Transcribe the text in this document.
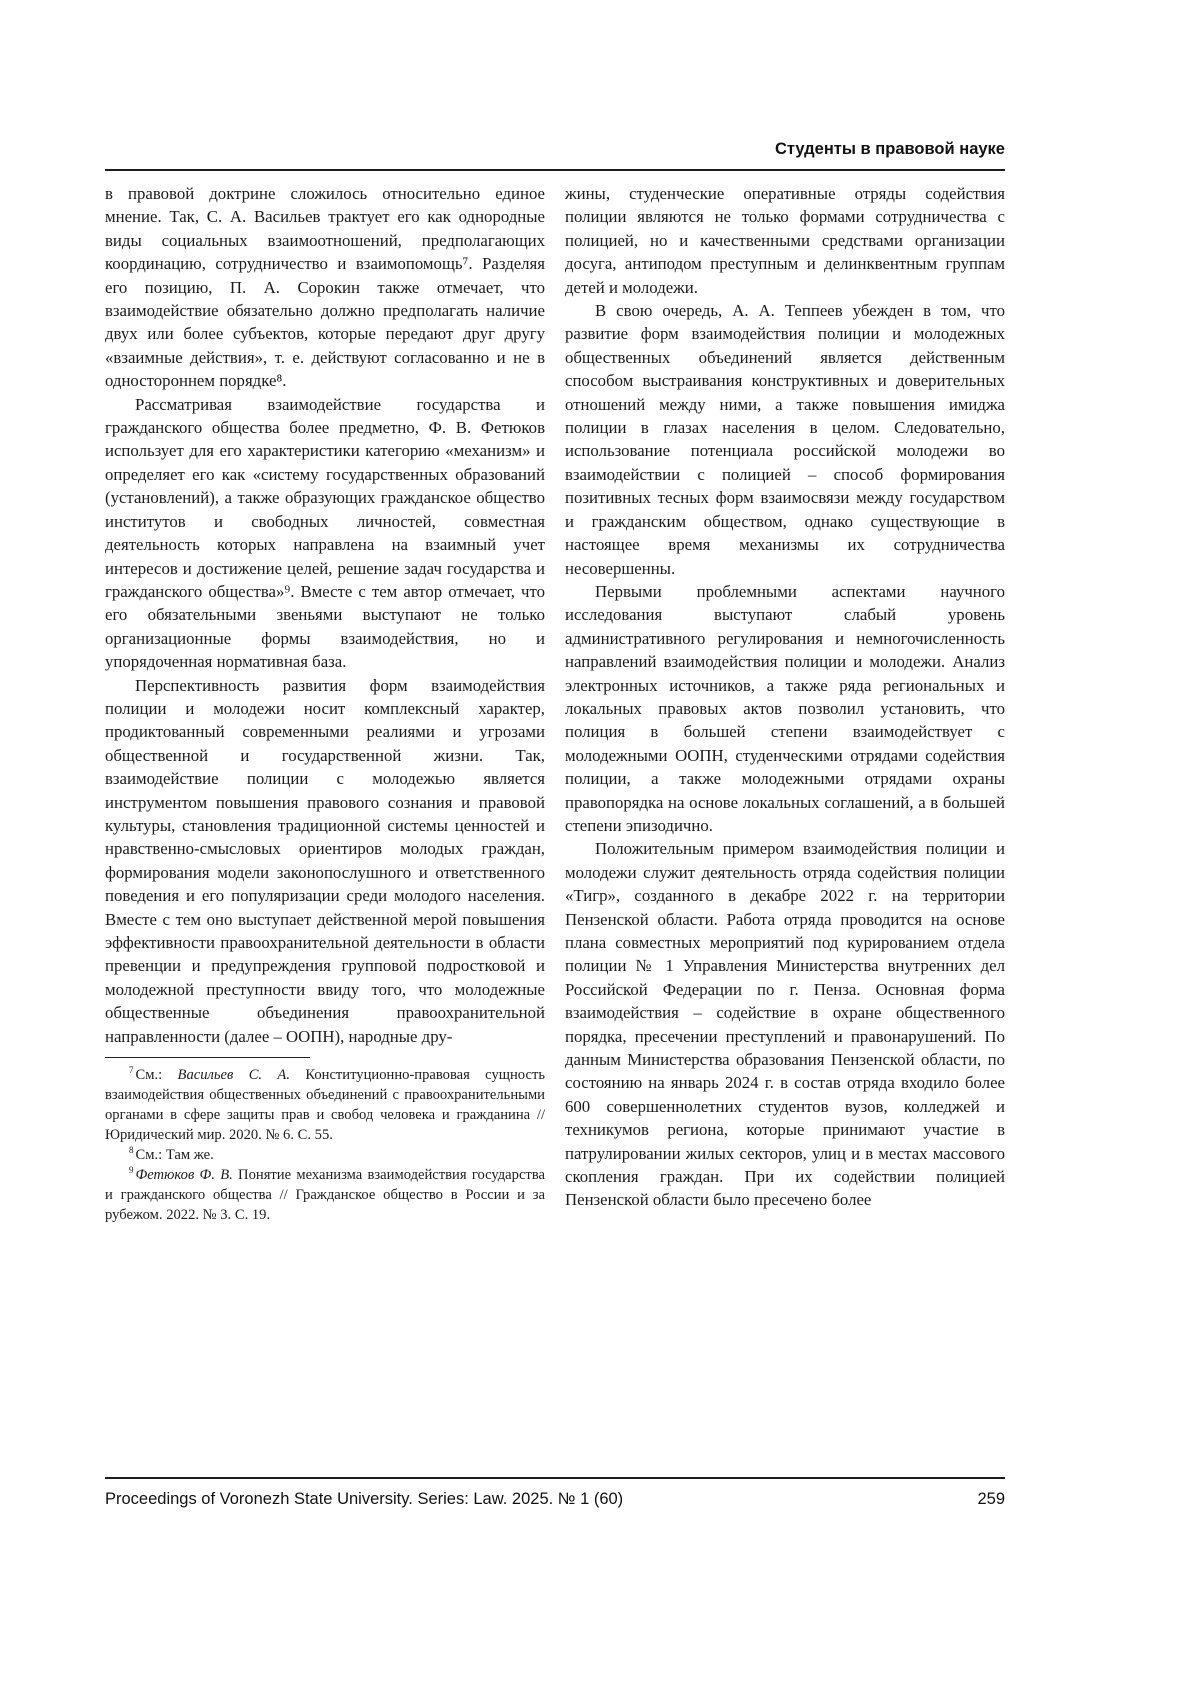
Студенты в правовой науке

в правовой доктрине сложилось относительно единое мнение. Так, С. А. Васильев трактует его как однородные виды социальных взаимоотношений, предполагающих координацию, сотрудничество и взаимопомощь⁷. Разделяя его позицию, П. А. Сорокин также отмечает, что взаимодействие обязательно должно предполагать наличие двух или более субъектов, которые передают друг другу «взаимные действия», т. е. действуют согласованно и не в одностороннем порядке⁸.

Рассматривая взаимодействие государства и гражданского общества более предметно, Ф. В. Фетюков использует для его характеристики категорию «механизм» и определяет его как «систему государственных образований (установлений), а также образующих гражданское общество институтов и свободных личностей, совместная деятельность которых направлена на взаимный учет интересов и достижение целей, решение задач государства и гражданского общества»⁹. Вместе с тем автор отмечает, что его обязательными звеньями выступают не только организационные формы взаимодействия, но и упорядоченная нормативная база.

Перспективность развития форм взаимодействия полиции и молодежи носит комплексный характер, продиктованный современными реалиями и угрозами общественной и государственной жизни. Так, взаимодействие полиции с молодежью является инструментом повышения правового сознания и правовой культуры, становления традиционной системы ценностей и нравственно-смысловых ориентиров молодых граждан, формирования модели законопослушного и ответственного поведения и его популяризации среди молодого населения. Вместе с тем оно выступает действенной мерой повышения эффективности правоохранительной деятельности в области превенции и предупреждения групповой подростковой и молодежной преступности ввиду того, что молодежные общественные объединения правоохранительной направленности (далее – ООПН), народные дру-

$^7$ См.: Васильев С. А. Конституционно-правовая сущность взаимодействия общественных объединений с правоохранительными органами в сфере защиты прав и свобод человека и гражданина // Юридический мир. 2020. № 6. С. 55.

$^8$ См.: Там же.

$^9$ Фетюков Ф. В. Понятие механизма взаимодействия государства и гражданского общества // Гражданское общество в России и за рубежом. 2022. № 3. С. 19.

жины, студенческие оперативные отряды содействия полиции являются не только формами сотрудничества с полицией, но и качественными средствами организации досуга, антиподом преступным и делинквентным группам детей и молодежи.

В свою очередь, А. А. Теппеев убежден в том, что развитие форм взаимодействия полиции и молодежных общественных объединений является действенным способом выстраивания конструктивных и доверительных отношений между ними, а также повышения имиджа полиции в глазах населения в целом. Следовательно, использование потенциала российской молодежи во взаимодействии с полицией – способ формирования позитивных тесных форм взаимосвязи между государством и гражданским обществом, однако существующие в настоящее время механизмы их сотрудничества несовершенны.

Первыми проблемными аспектами научного исследования выступают слабый уровень административного регулирования и немногочисленность направлений взаимодействия полиции и молодежи. Анализ электронных источников, а также ряда региональных и локальных правовых актов позволил установить, что полиция в большей степени взаимодействует с молодежными ООПН, студенческими отрядами содействия полиции, а также молодежными отрядами охраны правопорядка на основе локальных соглашений, а в большей степени эпизодично.

Положительным примером взаимодействия полиции и молодежи служит деятельность отряда содействия полиции «Тигр», созданного в декабре 2022 г. на территории Пензенской области. Работа отряда проводится на основе плана совместных мероприятий под курированием отдела полиции № 1 Управления Министерства внутренних дел Российской Федерации по г. Пенза. Основная форма взаимодействия – содействие в охране общественного порядка, пресечении преступлений и правонарушений. По данным Министерства образования Пензенской области, по состоянию на январь 2024 г. в состав отряда входило более 600 совершеннолетних студентов вузов, колледжей и техникумов региона, которые принимают участие в патрулировании жилых секторов, улиц и в местах массового скопления граждан. При их содействии полицией Пензенской области было пресечено более

Proceedings of Voronezh State University. Series: Law. 2025. № 1 (60)	259
